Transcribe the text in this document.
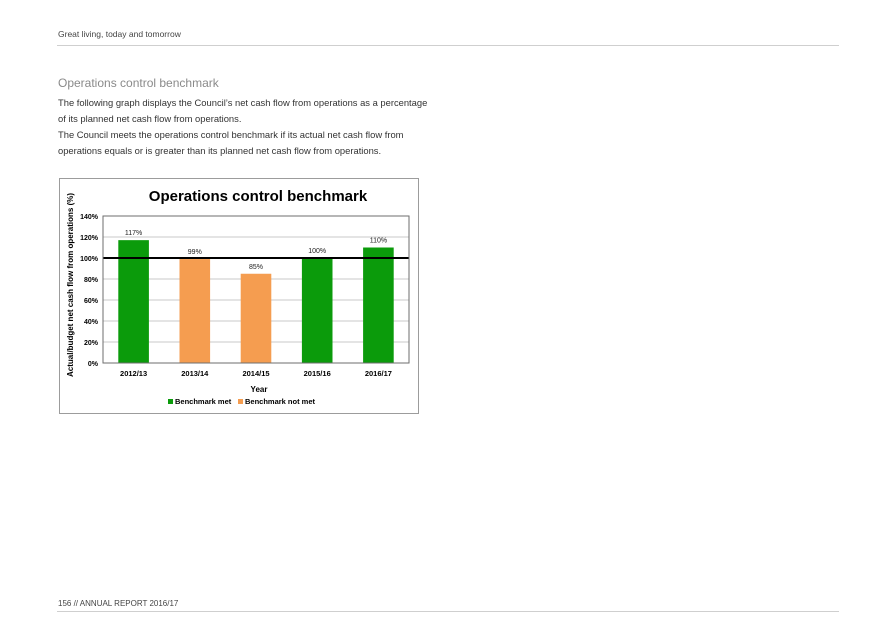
Great living, today and tomorrow
Operations control benchmark
The following graph displays the Council’s net cash flow from operations as a percentage of its planned net cash flow from operations.
The Council meets the operations control benchmark if its actual net cash flow from operations equals or is greater than its planned net cash flow from operations.
Operations control benchmark
Actual/budget net cash flow from operations (%)
Year
117%
99%
85%
100%
110%
0%
20%
40%
60%
80%
100%
120%
140%
2012/13	2013/14	2014/15	2015/16	2016/17
Benchmark met Benchmark not met
156 // ANNUAL REPORT 2016/17
